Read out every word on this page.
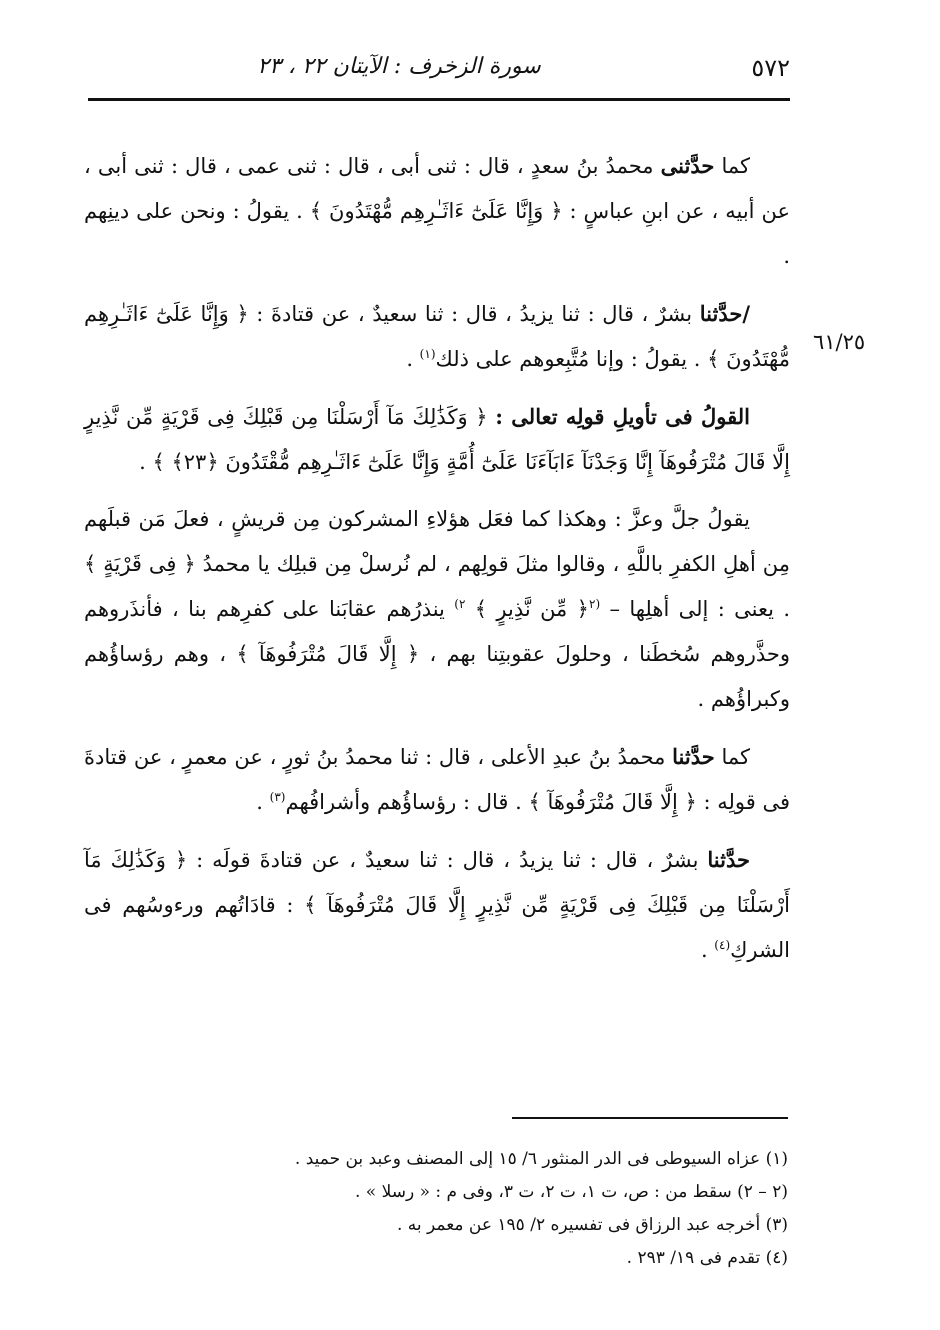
٥٧٢
سورة الزخرف : الآيتان ٢٢ ، ٢٣
٦١/٢٥

كما حدَّثنى محمدُ بنُ سعدٍ ، قال : ثنى أبى ، قال : ثنى عمى ، قال : ثنى أبى ، عن أبيه ، عن ابنِ عباسٍ : ﴿ وَإِنَّا عَلَىٰٓ ءَاثَـٰرِهِم مُّهْتَدُونَ ﴾ . يقولُ : ونحن على دينِهم .

/حدَّثنا بشرٌ ، قال : ثنا يزيدُ ، قال : ثنا سعيدٌ ، عن قتادةَ : ﴿ وَإِنَّا عَلَىٰٓ ءَاثَـٰرِهِم مُّهْتَدُونَ ﴾ . يقولُ : وإنا مُتَّبِعوهم على ذلك$^{(١)}$ .

القولُ فى تأويلِ قولِه تعالى : ﴿ وَكَذَٰلِكَ مَآ أَرْسَلْنَا مِن قَبْلِكَ فِى قَرْيَةٍ مِّن نَّذِيرٍ إِلَّا قَالَ مُتْرَفُوهَآ إِنَّا وَجَدْنَآ ءَابَآءَنَا عَلَىٰٓ أُمَّةٍ وَإِنَّا عَلَىٰٓ ءَاثَـٰرِهِم مُّقْتَدُونَ ﴿٢٣﴾ ﴾ .

يقولُ جلَّ وعزَّ : وهكذا كما فعَل هؤلاءِ المشركون مِن قريشٍ ، فعلَ مَن قبلَهم مِن أهلِ الكفرِ باللَّهِ ، وقالوا مثلَ قولِهم ، لم نُرسلْ مِن قبلِك يا محمدُ ﴿ فِى قَرْيَةٍ ﴾ . يعنى : إلى أهلِها – $^{(٢}$﴿ مِّن نَّذِيرٍ ﴾ $^{٢)}$ ينذرُهم عقابَنا على كفرِهم بنا ، فأنذَروهم وحذَّروهم سُخطَنا ، وحلولَ عقوبتِنا بهم ، ﴿ إِلَّا قَالَ مُتْرَفُوهَآ ﴾ ، وهم رؤساؤُهم وكبراؤُهم .

كما حدَّثنا محمدُ بنُ عبدِ الأعلى ، قال : ثنا محمدُ بنُ ثورٍ ، عن معمرٍ ، عن قتادةَ فى قولِه : ﴿ إِلَّا قَالَ مُتْرَفُوهَآ ﴾ . قال : رؤساؤُهم وأشرافُهم$^{(٣)}$ .

حدَّثنا بشرٌ ، قال : ثنا يزيدُ ، قال : ثنا سعيدٌ ، عن قتادةَ قولَه : ﴿ وَكَذَٰلِكَ مَآ أَرْسَلْنَا مِن قَبْلِكَ فِى قَرْيَةٍ مِّن نَّذِيرٍ إِلَّا قَالَ مُتْرَفُوهَآ ﴾ : قادَاتُهم ورءوسُهم فى الشركِ$^{(٤)}$ .

(١) عزاه السيوطى فى الدر المنثور ٦/ ١٥ إلى المصنف وعبد بن حميد .

(٢ – ٢) سقط من : ص، ت ١، ت ٢، ت ٣، وفى م : « رسلا » .

(٣) أخرجه عبد الرزاق فى تفسيره ٢/ ١٩٥ عن معمر به .

(٤) تقدم فى ١٩/ ٢٩٣ .
